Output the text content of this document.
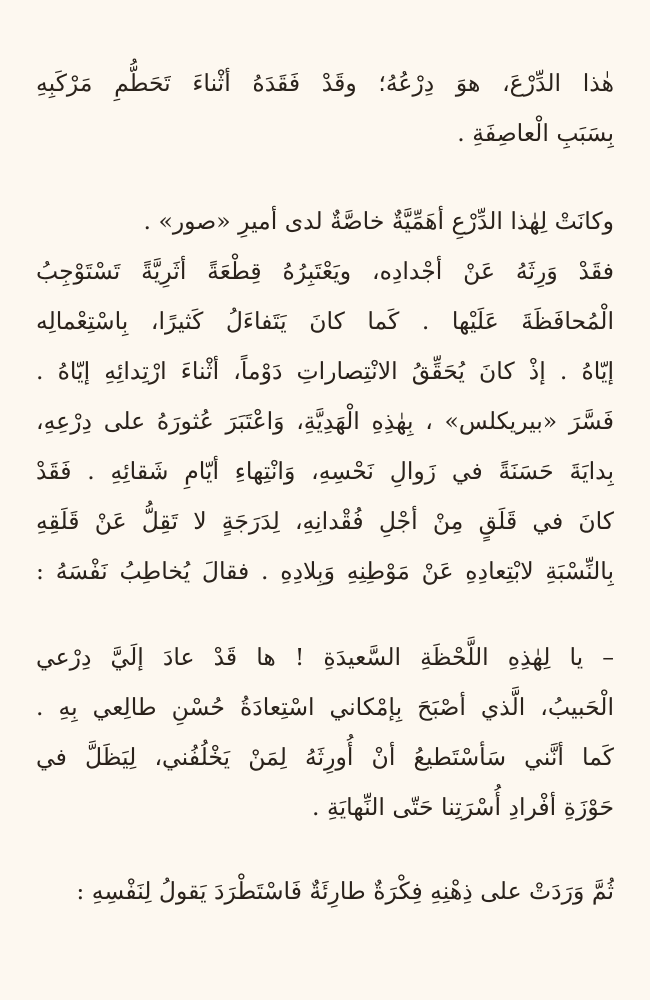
هٰذا الدِّرْعَ، هوَ دِرْعُهُ؛ وقَدْ فَقَدَهُ أثْناءَ تَحَطُّمِ مَرْكَبِهِ
بِسَبَبِ الْعاصِفَةِ .
وكانَتْ لِهٰذا الدِّرْعِ أهَمِّيَّةٌ خاصَّةٌ لدى أميرِ «صور» .
فقَدْ وَرِثَهُ عَنْ أجْدادِه، ويَعْتَبِرُهُ قِطْعَةً أثَرِيَّةً تَسْتَوْجِبُ
الْمُحافَظَةَ عَلَيْها . كَما كانَ يَتَفاءَلُ كَثيرًا، بِاسْتِعْمالِه
إيّاهُ . إذْ كانَ يُحَقِّقُ الانْتِصاراتِ دَوْماً، أثْناءَ ارْتِدائِهِ إيّاهُ .
فَسَّرَ «بيريكلس» ، بِهٰذِهِ الْهَدِيَّةِ، وَاعْتَبَرَ عُثورَهُ على دِرْعِهِ،
بِدايَةَ حَسَنَةً في زَوالِ نَحْسِهِ، وَانْتِهاءِ أيّامِ شَقائِهِ . فَقَدْ
كانَ في قَلَقٍ مِنْ أجْلِ فُقْدانِهِ، لِدَرَجَةٍ لا تَقِلُّ عَنْ قَلَقِهِ
بِالنِّسْبَةِ لابْتِعادِهِ عَنْ مَوْطِنِهِ وَبِلادِهِ . فقالَ يُخاطِبُ نَفْسَهُ :
– يا لِهٰذِهِ اللَّحْظَةِ السَّعيدَةِ ! ها قَدْ عادَ إلَيَّ دِرْعي
الْحَبيبُ، الَّذي أصْبَحَ بِإمْكاني اسْتِعادَةُ حُسْنِ طالِعي بِهِ .
كَما أنَّني سَأسْتَطيعُ أنْ أُورِثَهُ لِمَنْ يَخْلُفُني، لِيَظَلَّ في
حَوْزَةِ أفْرادِ أُسْرَتِنا حَتّى النِّهايَةِ .
ثُمَّ وَرَدَتْ على ذِهْنِهِ فِكْرَةٌ طارِئَةٌ فَاسْتَطْرَدَ يَقولُ لِنَفْسِهِ :
